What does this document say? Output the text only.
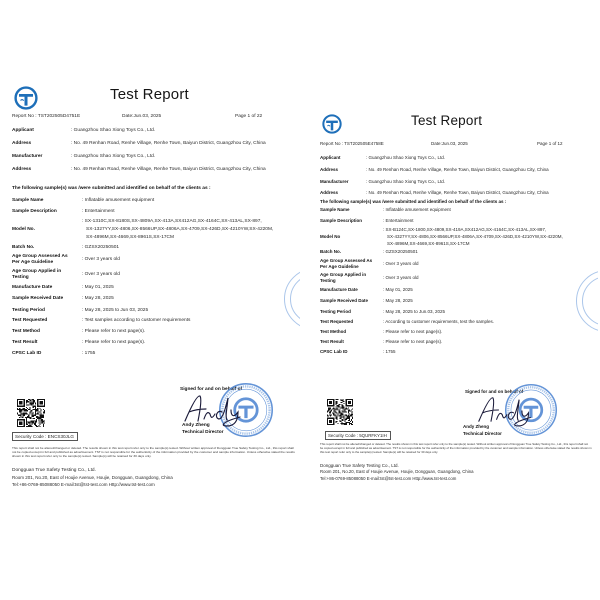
Test Report
Report No : TST202505D4751E	Date:Jun.03, 2025	Page 1 of 22
Applicant	: Guangzhou Shao Xiong Toys Co., Ltd.
Address	: No. 49 Renhan Road, Renhe Village, Renhe Town, Baiyun District, Guangzhou City, China
Manufacturer	: Guangzhou Shao Xiong Toys Co., Ltd.
Address	: No. 49 Renhan Road, Renhe Village, Renhe Town, Baiyun District, Guangzhou City, China
The following sample(s) was /were submitted and identified on behalf of the clients as :
Sample Name	: Inflatable amusement equipment
Sample Description	: Entertainment
Model No.
: SX-1310C,SX-8180S,SX-4809A,SX-413A,SX412AG,SX-4164C,SX-413AL,SX-897,
SX-1327YY,SX-4806,SX-8566UP,SX-4806A,SX-4709,SX-426D,SX-4210YW,SX-4220M,
SX-4896M,SX-4669,SX-8961S,SX-17CM
Batch No.	: GZSX20250501
Age Group Assessed As
Per Age Guideline
: Over 3 years old
Age Group Applied in
Testing
: Over 3 years old
Manufacture Date	: May 01, 2025
Sample Received Date	: May 28, 2025
Testing Period	: May 28, 2025 to Jun 03, 2025
Test Requested	: Test samples according to customer requirements
Test Method	: Please refer to next page(s).
Test Result	: Please refer to next page(s).
CPSC Lab ID	: 1755
Signed for and on behalf of
Andy Zheng
Technical Director
Security Code : ENCS30JLG
This report shall not be altered/changed or deleted. The results shown in this test report refer only to the sample(s) tested. Without written approval of Dongguan True Safety Testing Co., Ltd., this report shall not be copied except in full and published as advertisement. TST is not responsible for the authenticity of the information provided by the customer and sample information. Unless otherwise stated the results shown in this test report refer only to the sample(s) tested. Sample(s) will be retained for 30 days only.
Dongguan True Safety Testing Co., Ltd.
Room 201, No.20, East of Houjie Avenue, Houjie, Dongguan, Guangdong, China
Tel:+86-0769-85088050 E-mail:tst@tst-test.com Http://www.tst-test.com
Test Report
Report No : TST202505E4758E	Date:Jun.03, 2025	Page 1 of 12
Applicant	: Guangzhou Shao Xiong Toys Co., Ltd.
Address	: No. 49 Renhan Road, Renhe Village, Renhe Town, Baiyun District, Guangzhou City, China
Manufacturer	: Guangzhou Shao Xiong Toys Co., Ltd.
Address	: No. 49 Renhan Road, Renhe Village, Renhe Town, Baiyun District, Guangzhou City, China
The following sample(s) was /were submitted and identified on behalf of the clients as :
Sample Name	: Inflatable amusement equipment
Sample Description	: Entertainment
Model No
: SX-B124C,SX-1800,SX-4809,SX-419A,SX412AG,SX-4164C,SX-413AL,SX-897,
SX-4327YY,SX-4806,SX-8566UP,SX-4806A,SX-4709,SX-426D,SX-4210YW,SX-4220M,
SX-4896M,SX-4669,SX-8961S,SX-17CM
Batch No.	: GZSX20250501
Age Group Assessed As
Per Age Guideline
: Over 3 years old
Age Group Applied in
Testing
: Over 3 years old
Manufacture Date	: May 01, 2025
Sample Received Date	: May 28, 2025
Testing Period	: May 28, 2025 to Jun.03, 2025
Test Requested	: According to customer requirements, test the samples.
Test Method	: Please refer to next page(s).
Test Result	: Please refer to next page(s).
CPSC Lab ID	: 1755
Signed for and on behalf of
Andy Zheng
Technical Director
Security Code : 5QURFKY1IH
This report shall not be altered/changed or deleted. The results shown in this test report refer only to the sample(s) tested. Without written approval of Dongguan True Safety Testing Co., Ltd., this report shall not be copied except in full and published as advertisement. TST is not responsible for the authenticity of the information provided by the customer and sample information. Unless otherwise stated the results shown in this test report refer only to the sample(s) tested. Sample(s) will be retained for 30 days only.
Dongguan True Safety Testing Co., Ltd.
Room 201, No.20, East of Houjie Avenue, Houjie, Dongguan, Guangdong, China
Tel:+86-0769-85088050 E-mail:tst@tst-test.com Http://www.tst-test.com
